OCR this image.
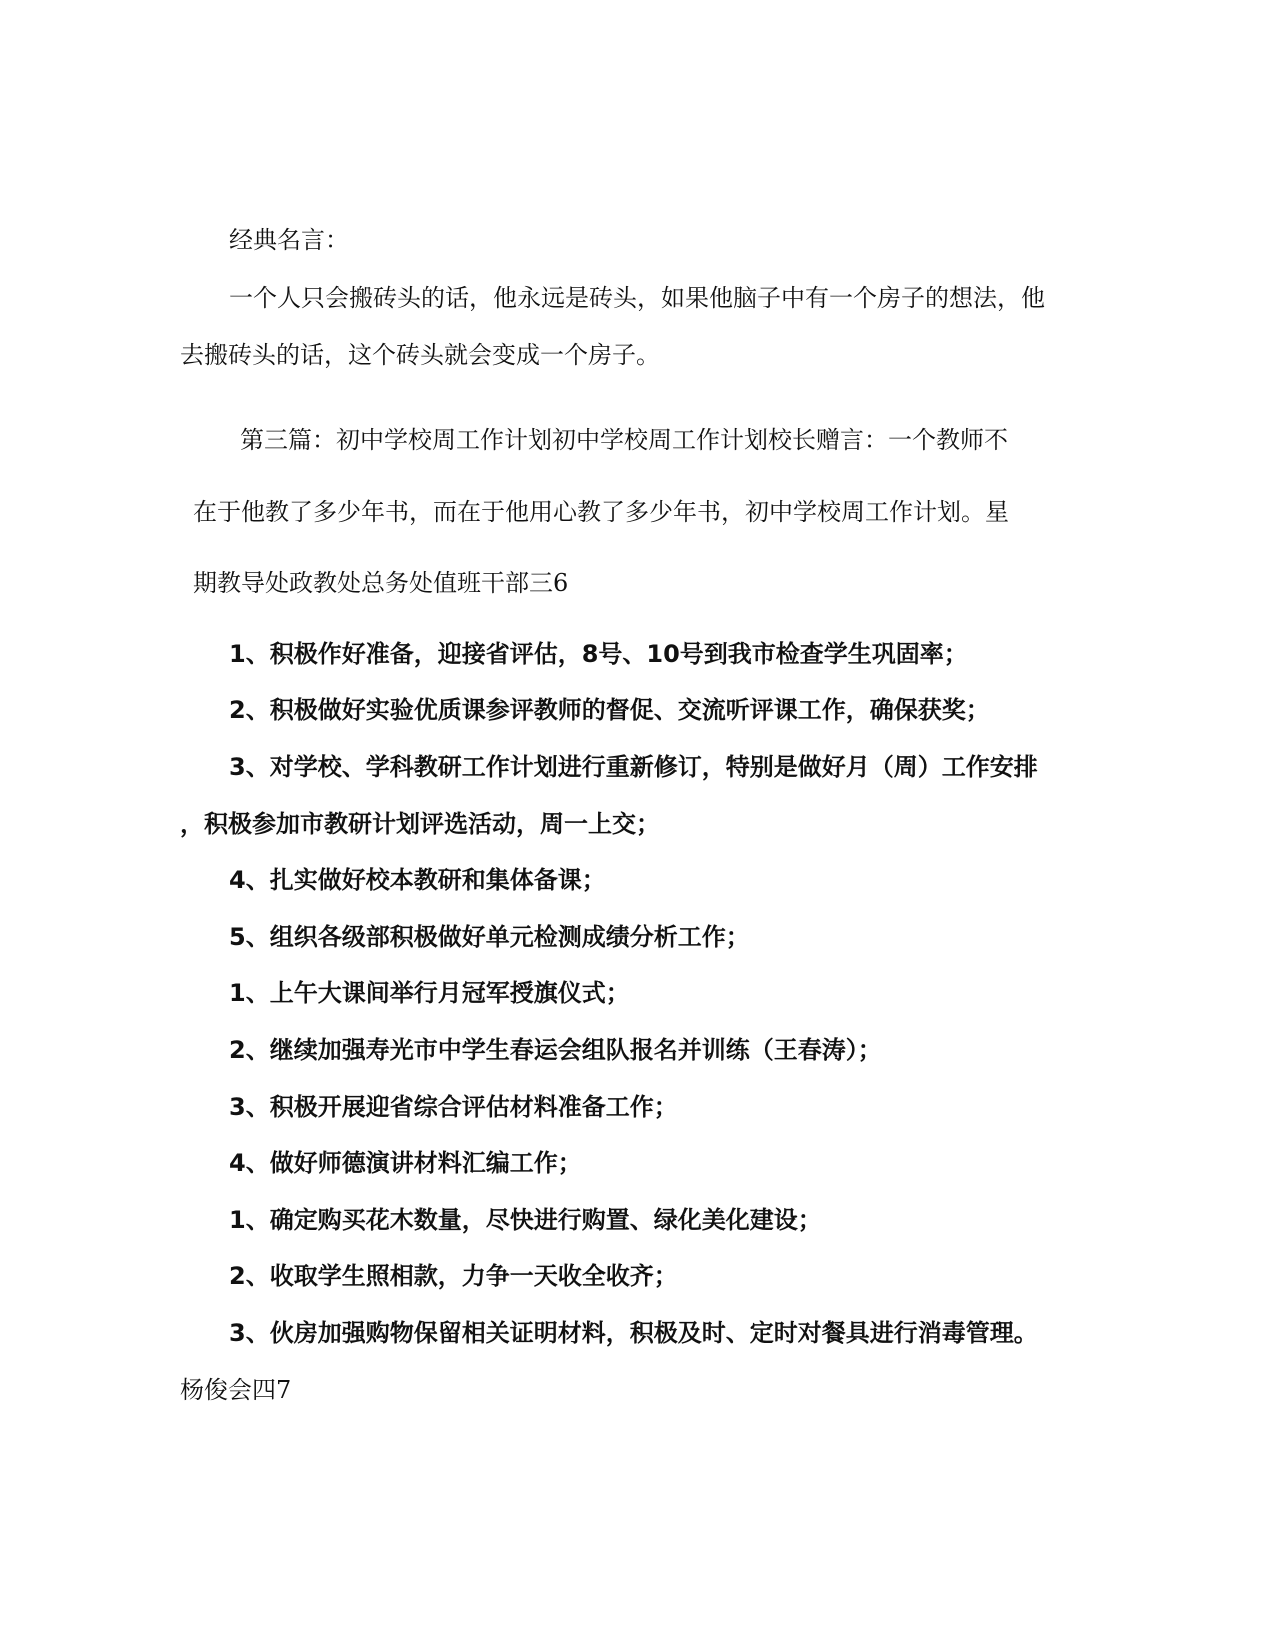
经典名言：
一个人只会搬砖头的话，他永远是砖头，如果他脑子中有一个房子的想法，他
去搬砖头的话，这个砖头就会变成一个房子。
第三篇：初中学校周工作计划初中学校周工作计划校长赠言：一个教师不
在于他教了多少年书，而在于他用心教了多少年书，初中学校周工作计划。星
期教导处政教处总务处值班干部三6
1、积极作好准备，迎接省评估，8号、10号到我市检查学生巩固率；
2、积极做好实验优质课参评教师的督促、交流听评课工作，确保获奖；
3、对学校、学科教研工作计划进行重新修订，特别是做好月（周）工作安排
，积极参加市教研计划评选活动，周一上交；
4、扎实做好校本教研和集体备课；
5、组织各级部积极做好单元检测成绩分析工作；
1、上午大课间举行月冠军授旗仪式；
2、继续加强寿光市中学生春运会组队报名并训练（王春涛）；
3、积极开展迎省综合评估材料准备工作；
4、做好师德演讲材料汇编工作；
1、确定购买花木数量，尽快进行购置、绿化美化建设；
2、收取学生照相款，力争一天收全收齐；
3、伙房加强购物保留相关证明材料，积极及时、定时对餐具进行消毒管理。
杨俊会四7
